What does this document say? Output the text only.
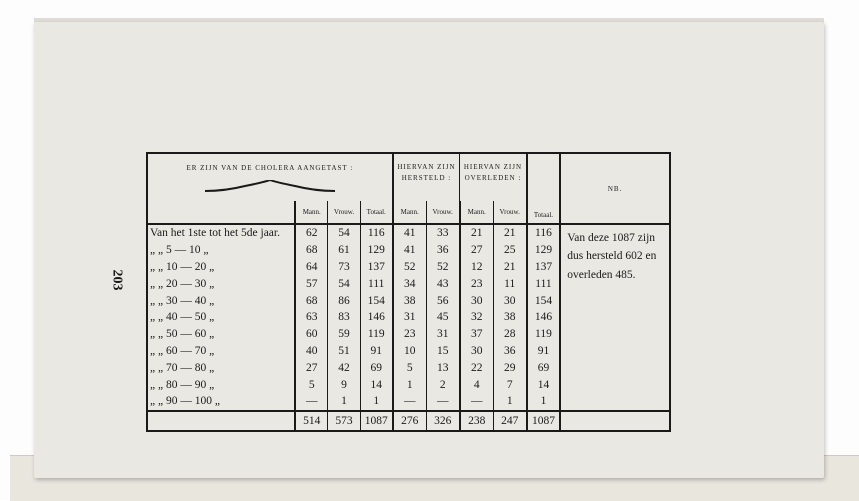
203
ER ZIJN VAN DE CHOLERA AANGETAST :				HIERVAN ZIJN HERSTELD :		HIERVAN ZIJN OVERLEDEN :		Totaal.	NB.
	Mann.	Vrouw.	Totaal.	Mann.	Vrouw.	Mann.	Vrouw.		
Van het 1ste tot het 5de jaar.	62	54	116	41	33	21	21	116	Van deze 1087 zijn dus hersteld 602 en overleden 485.
„ „ 5 — 10 „	68	61	129	41	36	27	25	129	
„ „ 10 — 20 „	64	73	137	52	52	12	21	137	
„ „ 20 — 30 „	57	54	111	34	43	23	11	111	
„ „ 30 — 40 „	68	86	154	38	56	30	30	154	
„ „ 40 — 50 „	63	83	146	31	45	32	38	146	
„ „ 50 — 60 „	60	59	119	23	31	37	28	119	
„ „ 60 — 70 „	40	51	91	10	15	30	36	91	
„ „ 70 — 80 „	27	42	69	5	13	22	29	69	
„ „ 80 — 90 „	5	9	14	1	2	4	7	14	
„ „ 90 — 100 „	—	1	1	—	—	—	1	1	
	514	573	1087	276	326	238	247	1087	
